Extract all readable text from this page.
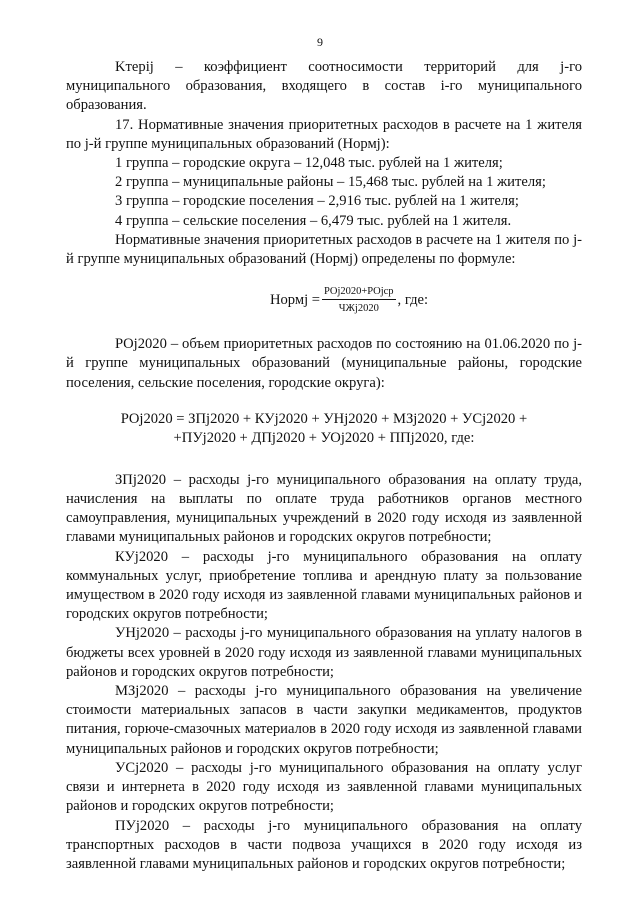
9

Kтерij – коэффициент соотносимости территорий для j-го муниципального образования, входящего в состав i-го муниципального образования.

17. Нормативные значения приоритетных расходов в расчете на 1 жителя по j-й группе муниципальных образований (Нормj):

1 группа – городские округа – 12,048 тыс. рублей на 1 жителя;

2 группа – муниципальные районы – 15,468 тыс. рублей на 1 жителя;

3 группа – городские поселения – 2,916 тыс. рублей на 1 жителя;

4 группа – сельские поселения – 6,479 тыс. рублей на 1 жителя.

Нормативные значения приоритетных расходов в расчете на 1 жителя по j-й группе муниципальных образований (Нормj) определены по формуле:

Нормj = $\frac{\text{POj2020+POjср}}{\text{ЧЖj2020}}$ , где:

POj2020 – объем приоритетных расходов по состоянию на 01.06.2020 по j-й группе муниципальных образований (муниципальные районы, городские поселения, сельские поселения, городские округа):

POj2020 = ЗПj2020 + КУj2020 + УНj2020 + МЗj2020 + УСj2020 +

+ПУj2020 + ДПj2020 + УОj2020 + ППj2020, где:

ЗПj2020 – расходы j-го муниципального образования на оплату труда, начисления на выплаты по оплате труда работников органов местного самоуправления, муниципальных учреждений в 2020 году исходя из заявленной главами муниципальных районов и городских округов потребности;

КУj2020 – расходы j-го муниципального образования на оплату коммунальных услуг, приобретение топлива и арендную плату за пользование имуществом в 2020 году исходя из заявленной главами муниципальных районов и городских округов потребности;

УНj2020 – расходы j-го муниципального образования на уплату налогов в бюджеты всех уровней в 2020 году исходя из заявленной главами муниципальных районов и городских округов потребности;

МЗj2020 – расходы j-го муниципального образования на увеличение стоимости материальных запасов в части закупки медикаментов, продуктов питания, горюче-смазочных материалов в 2020 году исходя из заявленной главами муниципальных районов и городских округов потребности;

УСj2020 – расходы j-го муниципального образования на оплату услуг связи и интернета в 2020 году исходя из заявленной главами муниципальных районов и городских округов потребности;

ПУj2020 – расходы j-го муниципального образования на оплату транспортных расходов в части подвоза учащихся в 2020 году исходя из заявленной главами муниципальных районов и городских округов потребности;
